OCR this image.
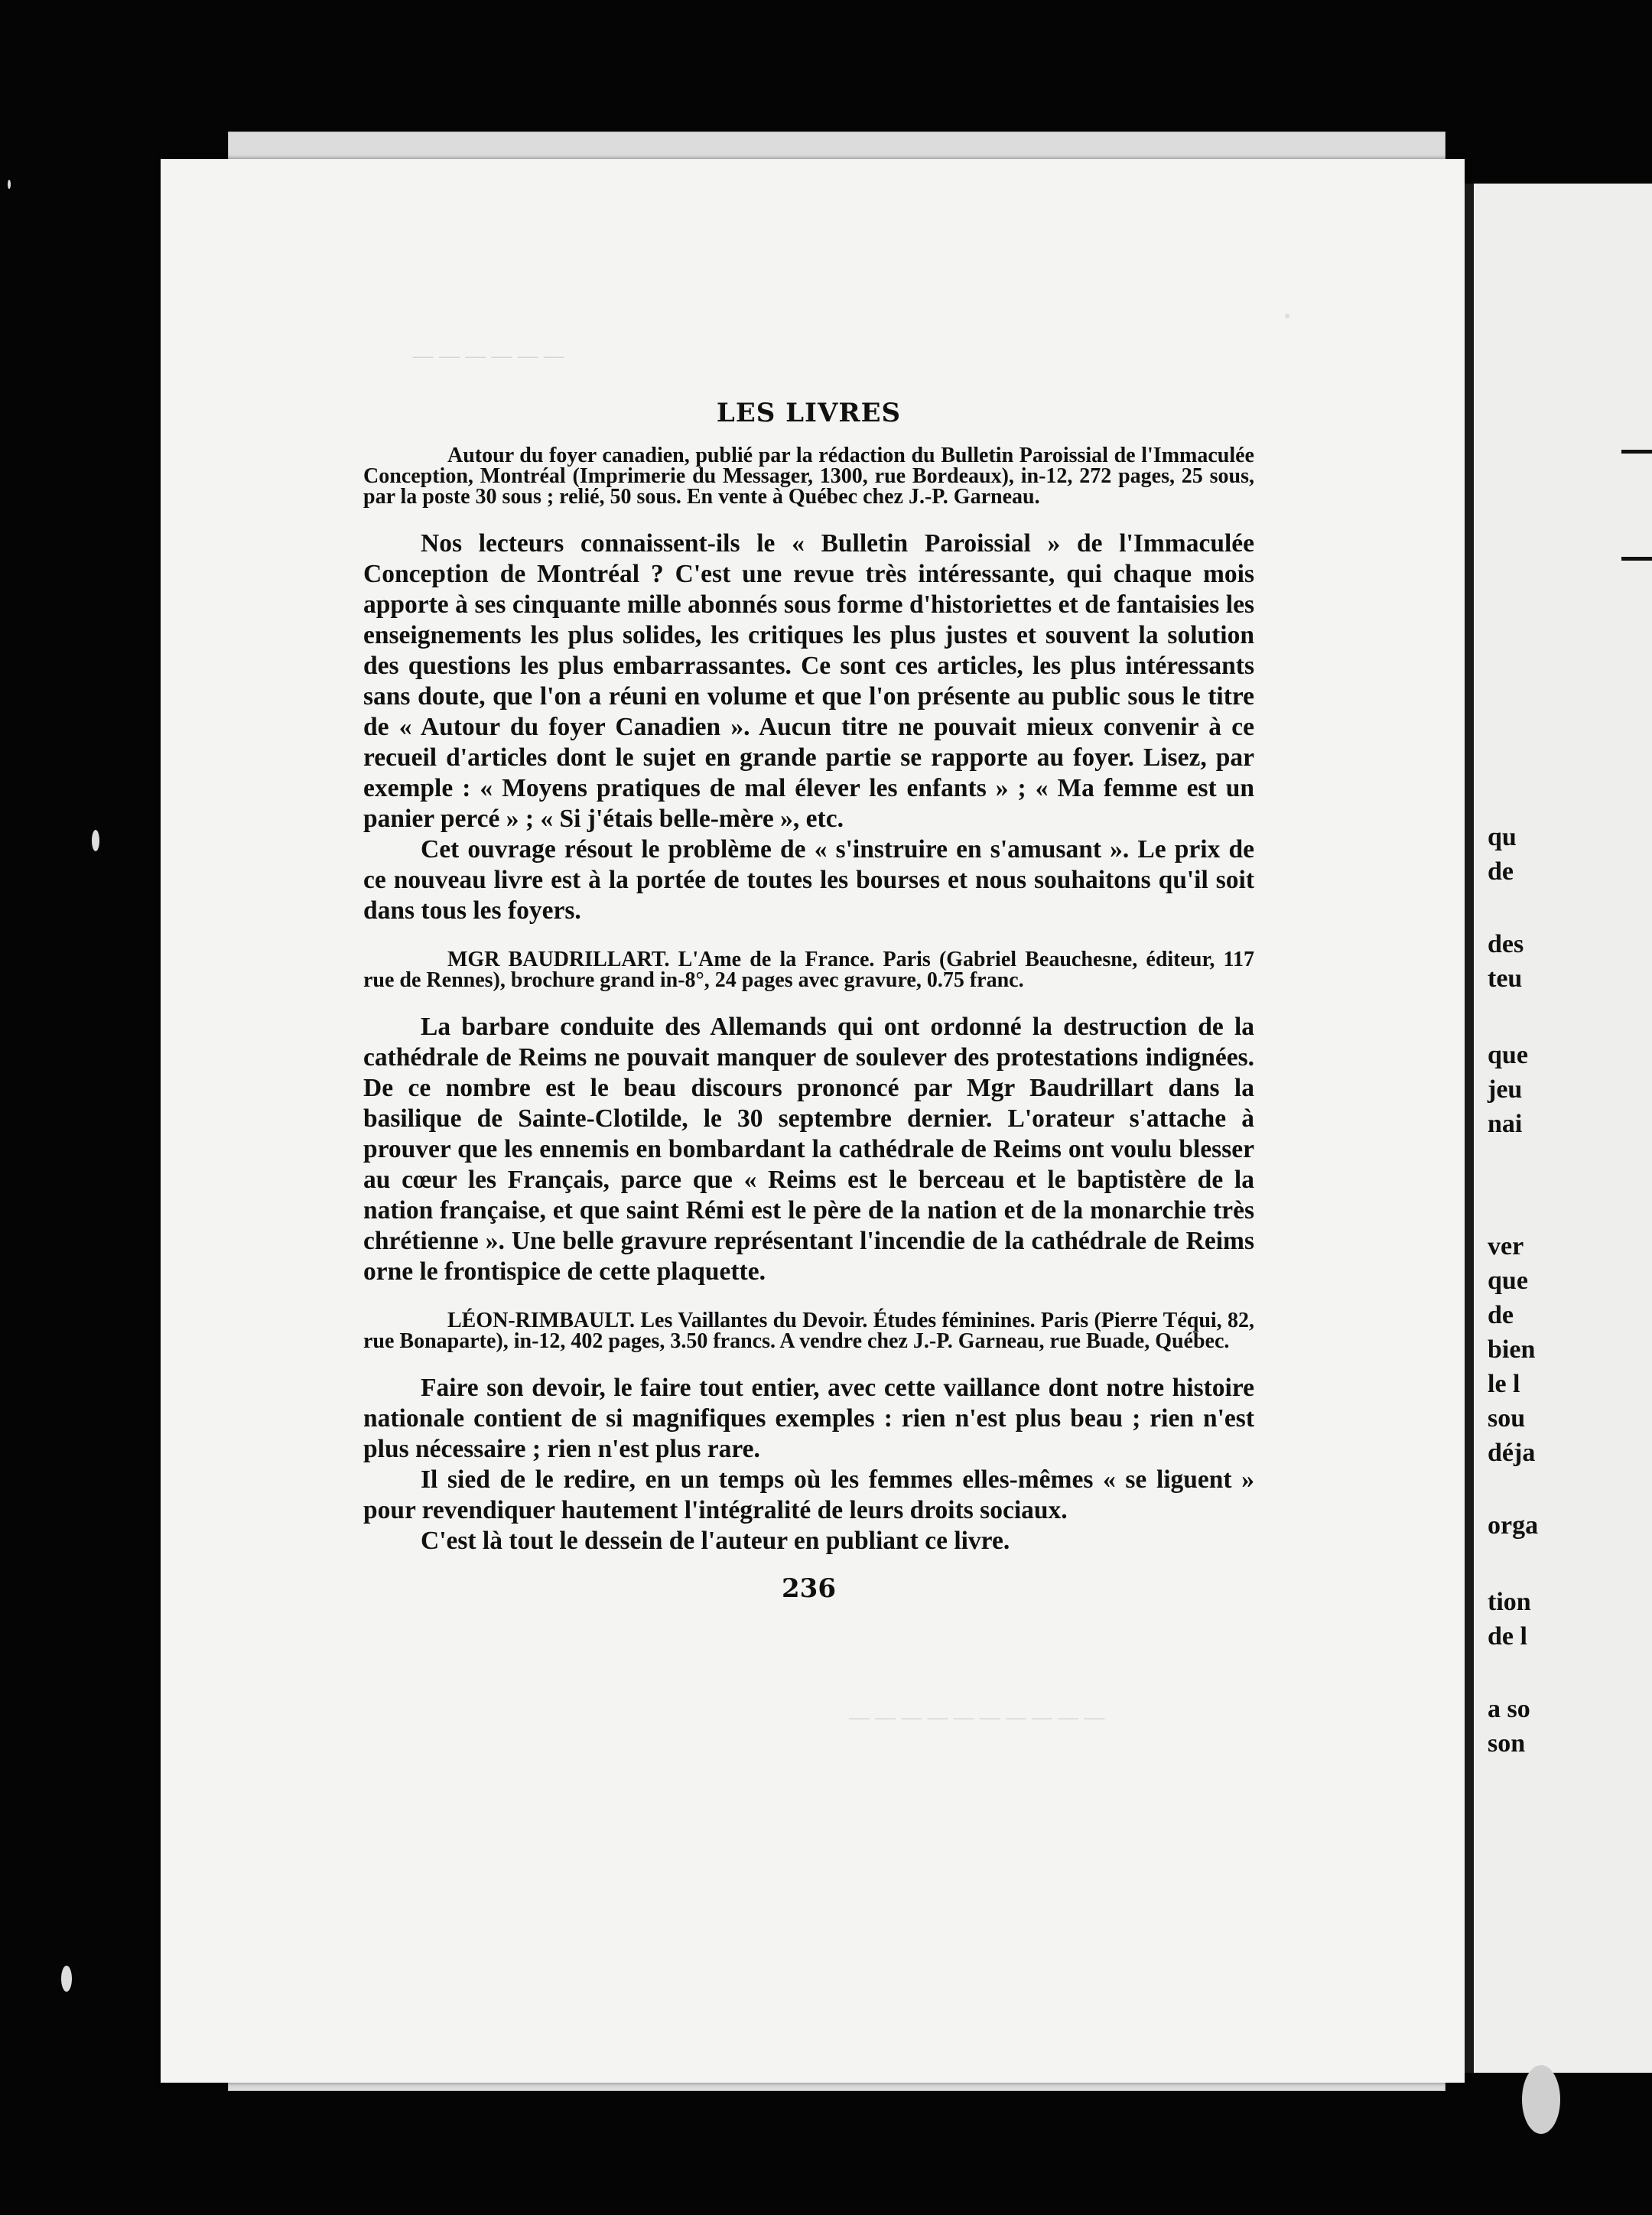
— — — — — —
— — — — — — — — — —
qu
de
des
teu
que
jeu
nai
ver
que
de
bien
le l
sou
déja
orga
tion
de l
a so
son
LES LIVRES

Autour du foyer canadien, publié par la rédaction du Bulletin Paroissial de l'Immaculée Conception, Montréal (Imprimerie du Messager, 1300, rue Bordeaux), in-12, 272 pages, 25 sous, par la poste 30 sous ; relié, 50 sous. En vente à Québec chez J.-P. Garneau.

Nos lecteurs connaissent-ils le « Bulletin Paroissial » de l'Immaculée Conception de Montréal ? C'est une revue très intéressante, qui chaque mois apporte à ses cinquante mille abonnés sous forme d'historiettes et de fantaisies les enseignements les plus solides, les critiques les plus justes et souvent la solution des questions les plus embarrassantes. Ce sont ces articles, les plus intéressants sans doute, que l'on a réuni en volume et que l'on présente au public sous le titre de « Autour du foyer Canadien ». Aucun titre ne pouvait mieux convenir à ce recueil d'articles dont le sujet en grande partie se rapporte au foyer. Lisez, par exemple : « Moyens pratiques de mal élever les enfants » ; « Ma femme est un panier percé » ; « Si j'étais belle-mère », etc.

Cet ouvrage résout le problème de « s'instruire en s'amusant ». Le prix de ce nouveau livre est à la portée de toutes les bourses et nous souhaitons qu'il soit dans tous les foyers.

MGR BAUDRILLART. L'Ame de la France. Paris (Gabriel Beauchesne, éditeur, 117 rue de Rennes), brochure grand in-8°, 24 pages avec gravure, 0.75 franc.

La barbare conduite des Allemands qui ont ordonné la destruction de la cathédrale de Reims ne pouvait manquer de soulever des protestations indignées. De ce nombre est le beau discours prononcé par Mgr Baudrillart dans la basilique de Sainte-Clotilde, le 30 septembre dernier. L'orateur s'attache à prouver que les ennemis en bombardant la cathédrale de Reims ont voulu blesser au cœur les Français, parce que « Reims est le berceau et le baptistère de la nation française, et que saint Rémi est le père de la nation et de la monarchie très chrétienne ». Une belle gravure représentant l'incendie de la cathédrale de Reims orne le frontispice de cette plaquette.

LÉON-RIMBAULT. Les Vaillantes du Devoir. Études féminines. Paris (Pierre Téqui, 82, rue Bonaparte), in-12, 402 pages, 3.50 francs. A vendre chez J.-P. Garneau, rue Buade, Québec.

Faire son devoir, le faire tout entier, avec cette vaillance dont notre histoire nationale contient de si magnifiques exemples : rien n'est plus beau ; rien n'est plus nécessaire ; rien n'est plus rare.

Il sied de le redire, en un temps où les femmes elles-mêmes « se liguent » pour revendiquer hautement l'intégralité de leurs droits sociaux.

C'est là tout le dessein de l'auteur en publiant ce livre.

236
